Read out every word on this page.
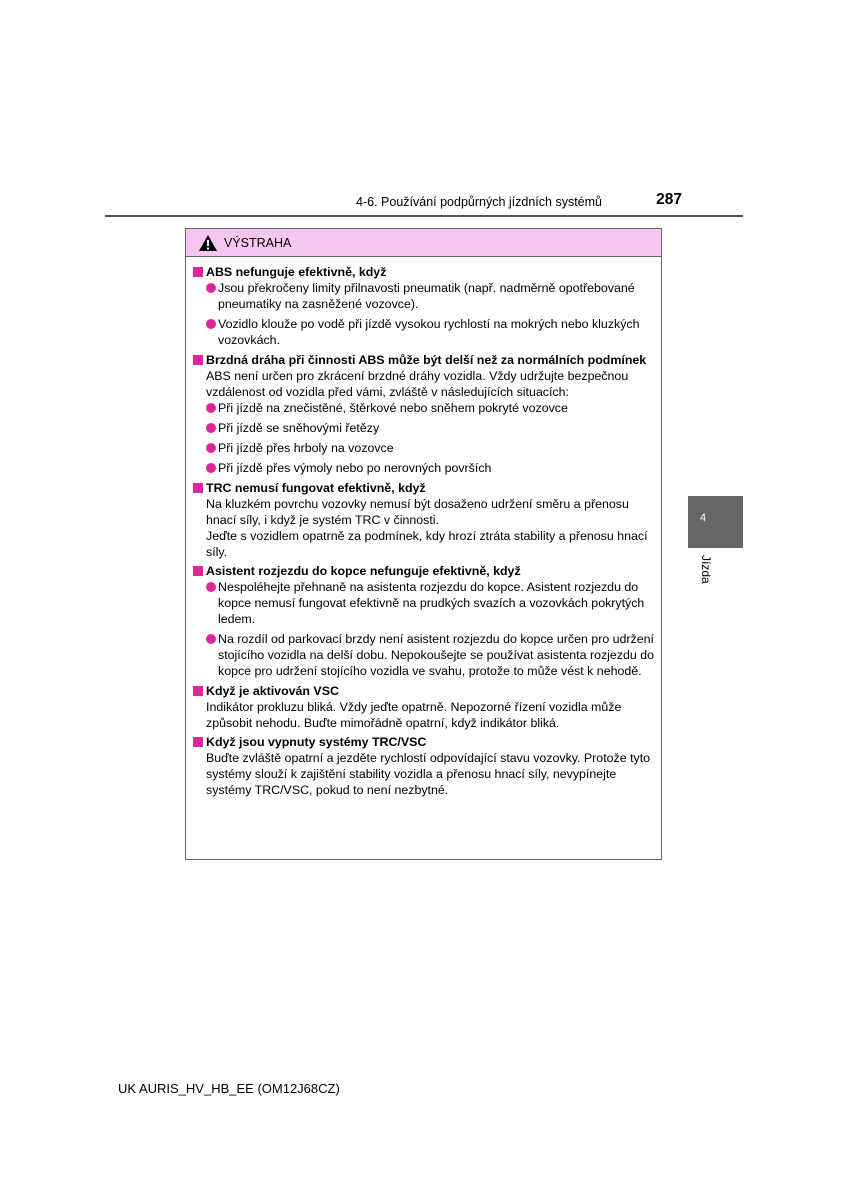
4-6. Používání podpůrných jízdních systémů	287
4
Jízda
VÝSTRAHA
ABS nefunguje efektivně, když
Jsou překročeny limity přilnavosti pneumatik (např. nadměrně opotřebované pneumatiky na zasněžené vozovce).
Vozidlo klouže po vodě při jízdě vysokou rychlostí na mokrých nebo kluzkých vozovkách.
Brzdná dráha při činnosti ABS může být delší než za normálních podmínek
ABS není určen pro zkrácení brzdné dráhy vozidla. Vždy udržujte bezpečnou vzdálenost od vozidla před vámi, zvláště v následujících situacích:
Při jízdě na znečistěné, štěrkové nebo sněhem pokryté vozovce
Při jízdě se sněhovými řetězy
Při jízdě přes hrboly na vozovce
Při jízdě přes výmoly nebo po nerovných površích
TRC nemusí fungovat efektivně, když
Na kluzkém povrchu vozovky nemusí být dosaženo udržení směru a přenosu hnací síly, i když je systém TRC v činnosti.
Jeďte s vozidlem opatrně za podmínek, kdy hrozí ztráta stability a přenosu hnací síly.
Asistent rozjezdu do kopce nefunguje efektivně, když
Nespoléhejte přehnaně na asistenta rozjezdu do kopce. Asistent rozjezdu do kopce nemusí fungovat efektivně na prudkých svazích a vozovkách pokrytých ledem.
Na rozdíl od parkovací brzdy není asistent rozjezdu do kopce určen pro udržení stojícího vozidla na delší dobu. Nepokoušejte se používat asistenta rozjezdu do kopce pro udržení stojícího vozidla ve svahu, protože to může vést k nehodě.
Když je aktivován VSC
Indikátor prokluzu bliká. Vždy jeďte opatrně. Nepozorné řízení vozidla může způsobit nehodu. Buďte mimořádně opatrní, když indikátor bliká.
Když jsou vypnuty systémy TRC/VSC
Buďte zvláště opatrní a jezděte rychlostí odpovídající stavu vozovky. Protože tyto systémy slouží k zajištění stability vozidla a přenosu hnací síly, nevypínejte systémy TRC/VSC, pokud to není nezbytné.
UK AURIS_HV_HB_EE (OM12J68CZ)
